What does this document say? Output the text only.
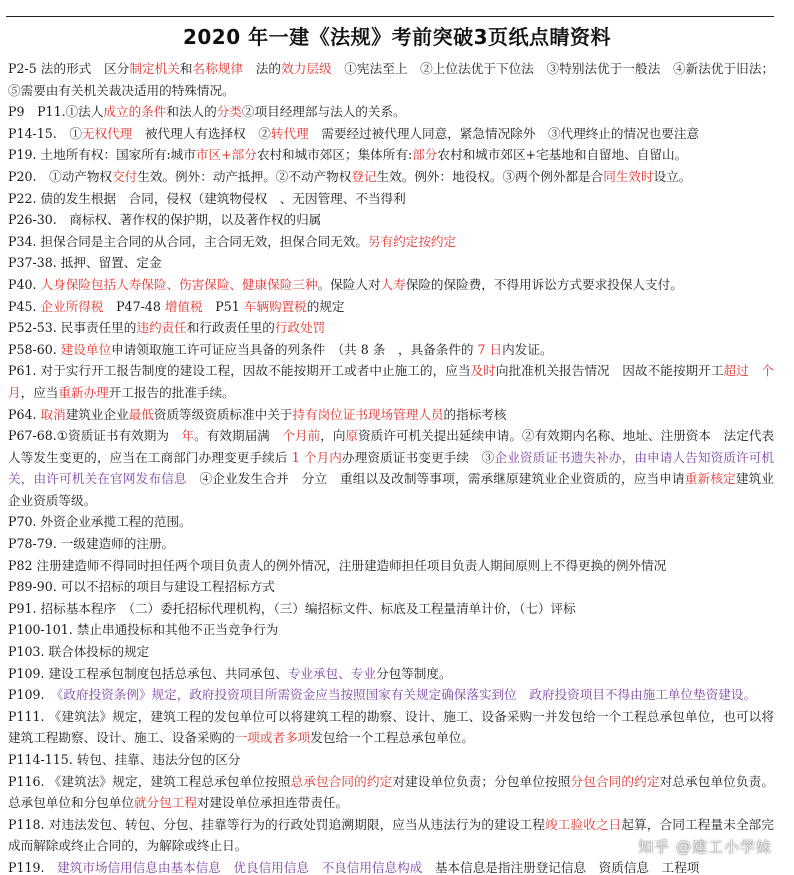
2020 年一建《法规》考前突破3页纸点睛资料
P2-5 法的形式　区分制定机关和名称规律　法的效力层级　①宪法至上　②上位法优于下位法　③特别法优于一般法　④新法优于旧法；⑤需要由有关机关裁决适用的特殊情况。
P9　P11.①法人成立的条件和法人的分类②项目经理部与法人的关系。
P14-15.　①无权代理　被代理人有选择权　②转代理　需要经过被代理人同意，紧急情况除外　③代理终止的情况也要注意
P19. 土地所有权：国家所有:城市市区+部分农村和城市郊区；集体所有:部分农村和城市郊区+宅基地和自留地、自留山。
P20.　①动产物权交付生效。例外：动产抵押。②不动产物权登记生效。例外：地役权。③两个例外都是合同生效时设立。
P22. 债的发生根据　合同，侵权（建筑物侵权　、无因管理、不当得利
P26-30.　商标权、著作权的保护期，以及著作权的归属
P34. 担保合同是主合同的从合同，主合同无效，担保合同无效。另有约定按约定
P37-38. 抵押、留置、定金
P40. 人身保险包括人寿保险、伤害保险、健康保险三种。保险人对人寿保险的保险费，不得用诉讼方式要求投保人支付。
P45. 企业所得税　P47-48 增值税　P51 车辆购置税的规定
P52-53. 民事责任里的违约责任和行政责任里的行政处罚
P58-60. 建设单位申请领取施工许可证应当具备的列条件　（共 8 条　，具备条件的 7 日内发证。
P61. 对于实行开工报告制度的建设工程，因故不能按期开工或者中止施工的，应当及时向批准机关报告情况　因故不能按期开工超过　 个月，应当重新办理开工报告的批准手续。
P64. 取消建筑业企业最低资质等级资质标准中关于持有岗位证书现场管理人员的指标考核
P67-68.①资质证书有效期为　年。有效期届满　个月前，向原资质许可机关提出延续申请。②有效期内名称、地址、注册资本　法定代表人等发生变更的，应当在工商部门办理变更手续后 1 个月内办理资质证书变更手续　③企业资质证书遗失补办，由申请人告知资质许可机关，由许可机关在官网发布信息　④企业发生合并　分立　重组以及改制等事项，需承继原建筑业企业资质的，应当申请重新核定建筑业企业资质等级。
P70. 外资企业承揽工程的范围。
P78-79. 一级建造师的注册。
P82 注册建造师不得同时担任两个项目负责人的例外情况，注册建造师担任项目负责人期间原则上不得更换的例外情况
P89-90. 可以不招标的项目与建设工程招标方式
P91. 招标基本程序　（二）委托招标代理机构，（三）编招标文件、标底及工程量清单计价，（七）评标
P100-101. 禁止串通投标和其他不正当竞争行为
P103. 联合体投标的规定
P109. 建设工程承包制度包括总承包、共同承包、专业承包、专业分包等制度。
P109.　《政府投资条例》规定，政府投资项目所需资金应当按照国家有关规定确保落实到位　政府投资项目不得由施工单位垫资建设。
P111. 《建筑法》规定，建筑工程的发包单位可以将建筑工程的勘察、设计、施工、设备采购一并发包给一个工程总承包单位，也可以将建筑工程勘察、设计、施工、设备采购的一项或者多项发包给一个工程总承包单位。
P114-115. 转包、挂靠、违法分包的区分
P116. 《建筑法》规定，建筑工程总承包单位按照总承包合同的约定对建设单位负责；分包单位按照分包合同的约定对总承包单位负责。总承包单位和分包单位就分包工程对建设单位承担连带责任。
P118. 对违法发包、转包、分包、挂靠等行为的行政处罚追溯期限，应当从违法行为的建设工程竣工验收之日起算，合同工程量未全部完成而解除或终止合同的，为解除或终止日。
P119.　建筑市场信用信息由基本信息　优良信用信息　不良信用信息构成　基本信息是指注册登记信息　资质信息　工程项
知乎 @建工小学妹
